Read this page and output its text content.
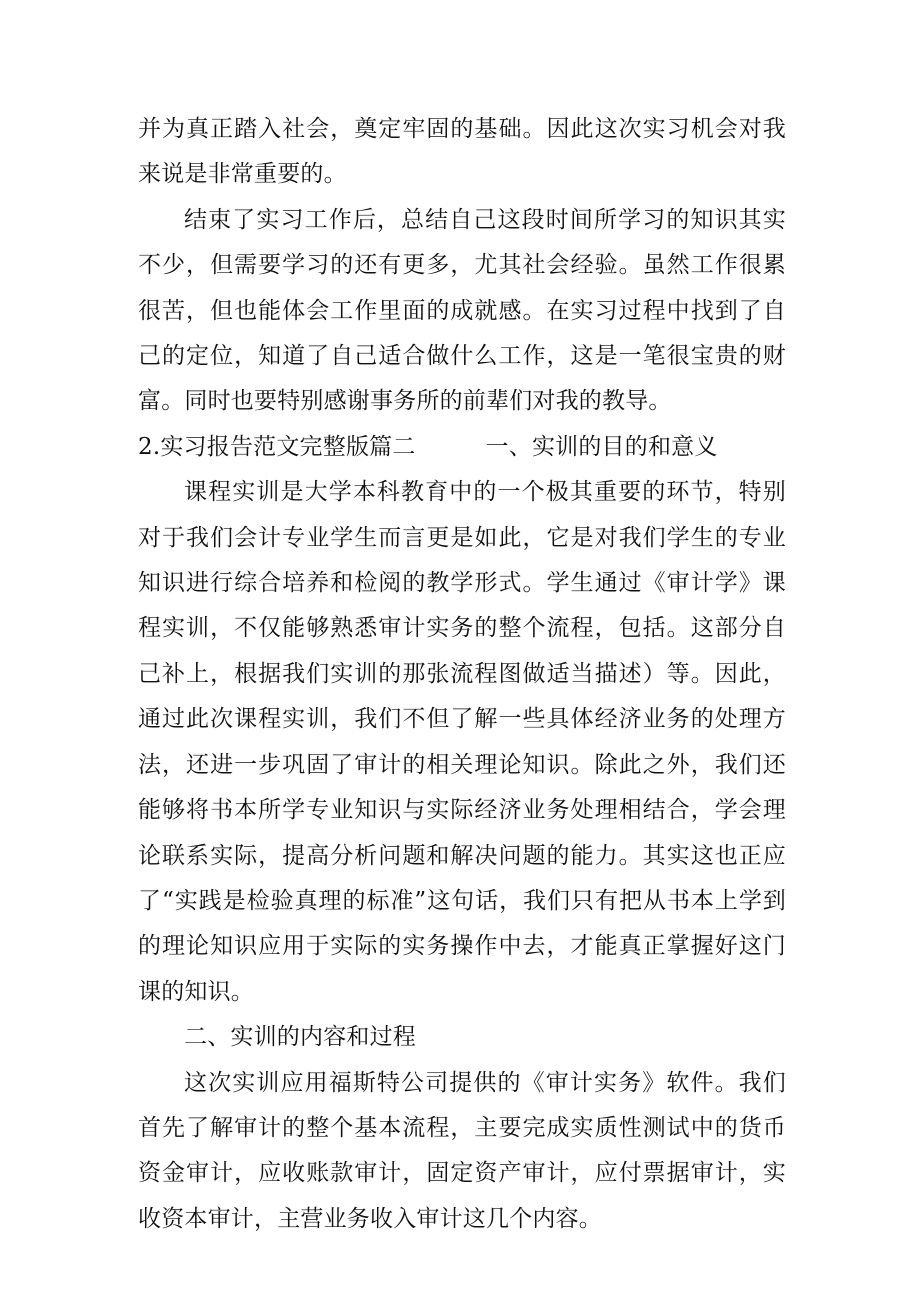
并为真正踏入社会，奠定牢固的基础。因此这次实习机会对我来说是非常重要的。

结束了实习工作后，总结自己这段时间所学习的知识其实不少，但需要学习的还有更多，尤其社会经验。虽然工作很累很苦，但也能体会工作里面的成就感。在实习过程中找到了自己的定位，知道了自己适合做什么工作，这是一笔很宝贵的财富。同时也要特别感谢事务所的前辈们对我的教导。

2.实习报告范文完整版篇二	一、实训的目的和意义

课程实训是大学本科教育中的一个极其重要的环节，特别对于我们会计专业学生而言更是如此，它是对我们学生的专业知识进行综合培养和检阅的教学形式。学生通过《审计学》课程实训，不仅能够熟悉审计实务的整个流程，包括。这部分自己补上，根据我们实训的那张流程图做适当描述）等。因此，通过此次课程实训，我们不但了解一些具体经济业务的处理方法，还进一步巩固了审计的相关理论知识。除此之外，我们还能够将书本所学专业知识与实际经济业务处理相结合，学会理论联系实际，提高分析问题和解决问题的能力。其实这也正应了“实践是检验真理的标准”这句话，我们只有把从书本上学到的理论知识应用于实际的实务操作中去，才能真正掌握好这门课的知识。

二、实训的内容和过程

这次实训应用福斯特公司提供的《审计实务》软件。我们首先了解审计的整个基本流程，主要完成实质性测试中的货币资金审计，应收账款审计，固定资产审计，应付票据审计，实收资本审计，主营业务收入审计这几个内容。
